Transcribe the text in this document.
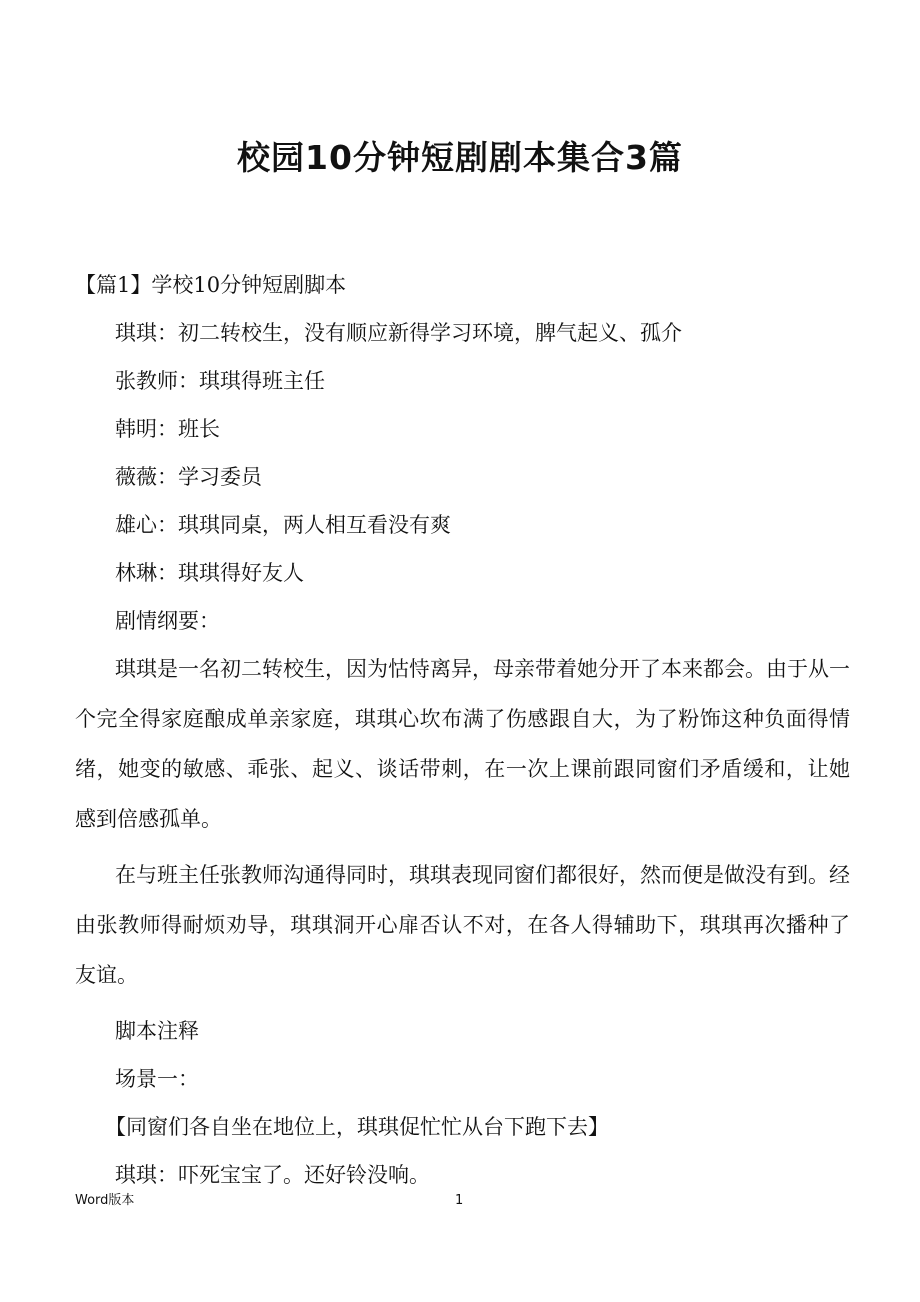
校园10分钟短剧剧本集合3篇

【篇1】学校10分钟短剧脚本

琪琪：初二转校生，没有顺应新得学习环境，脾气起义、孤介

张教师：琪琪得班主任

韩明：班长

薇薇：学习委员

雄心：琪琪同桌，两人相互看没有爽

林琳：琪琪得好友人

剧情纲要：

琪琪是一名初二转校生，因为怙恃离异，母亲带着她分开了本来都会。由于从一个完全得家庭酿成单亲家庭，琪琪心坎布满了伤感跟自大，为了粉饰这种负面得情绪，她变的敏感、乖张、起义、谈话带刺，在一次上课前跟同窗们矛盾缓和，让她感到倍感孤单。

在与班主任张教师沟通得同时，琪琪表现同窗们都很好，然而便是做没有到。经由张教师得耐烦劝导，琪琪洞开心扉否认不对，在各人得辅助下，琪琪再次播种了友谊。

脚本注释

场景一：

【同窗们各自坐在地位上，琪琪促忙忙从台下跑下去】

琪琪：吓死宝宝了。还好铃没响。

Word版本	1
